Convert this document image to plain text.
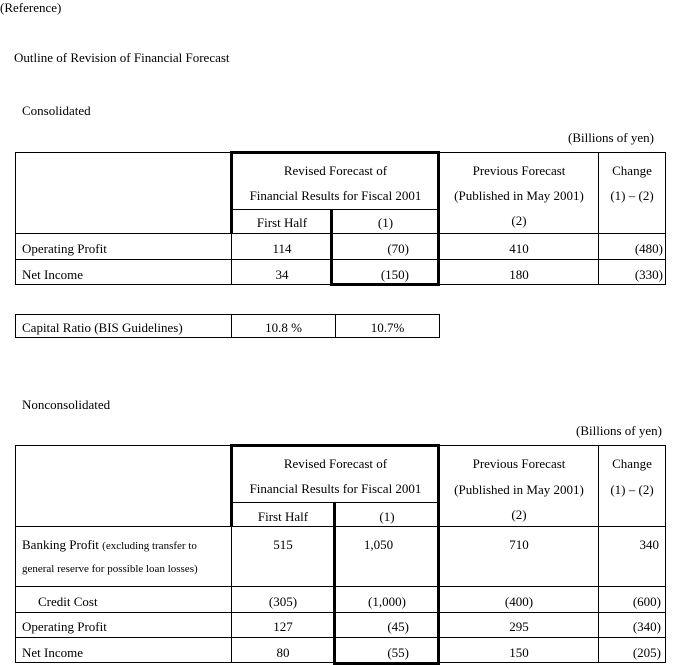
(Reference)
Outline of Revision of Financial Forecast
Consolidated
(Billions of yen)
Revised Forecast of
Financial Results for Fiscal 2001
First Half	(1)
Previous Forecast
(Published in May 2001)
(2)
Change
(1) – (2)
Operating Profit	114	(70)	410	(480)
Net Income	34	(150)	180	(330)
Capital Ratio (BIS Guidelines)	10.8 %	10.7%
Nonconsolidated
(Billions of yen)
Revised Forecast of
Financial Results for Fiscal 2001
First Half	(1)
Previous Forecast
(Published in May 2001)
(2)
Change
(1) – (2)
Banking Profit (excluding transfer to
general reserve for possible loan losses)
515	1,050	710	340
Credit Cost	(305)	(1,000)	(400)	(600)
Operating Profit	127	(45)	295	(340)
Net Income	80	(55)	150	(205)
